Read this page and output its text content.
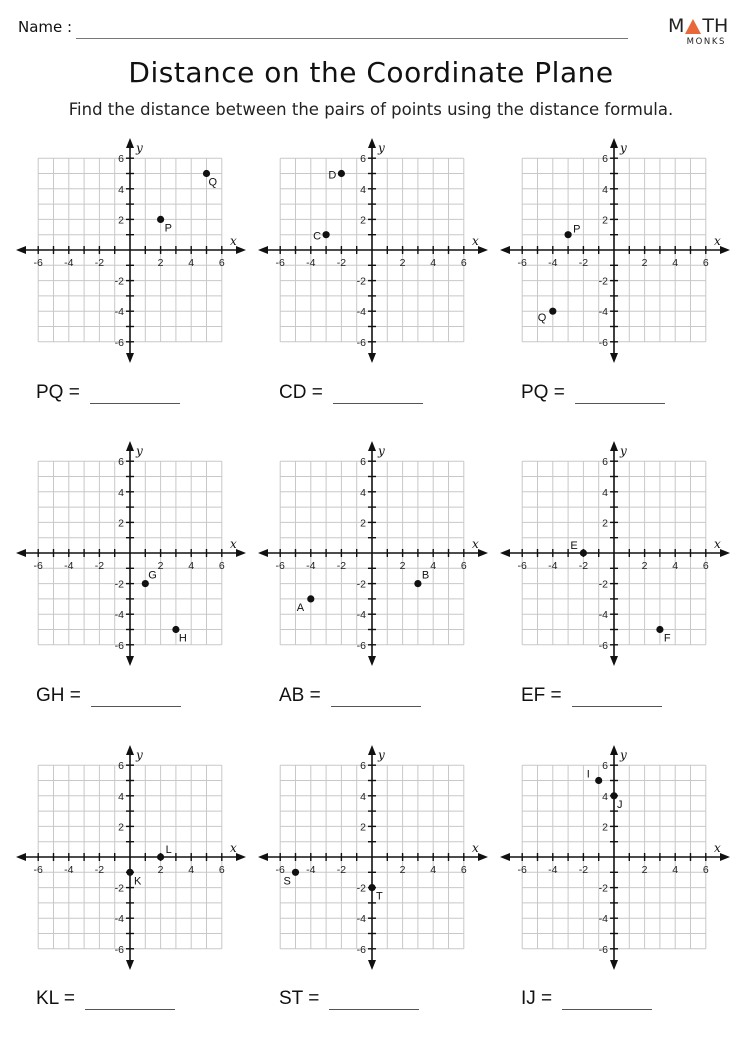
Name :	M TH
MONKS
Distance on the Coordinate Plane
Find the distance between the pairs of points using the distance formula.
-6 -4 -2	2 4 6
6
4
2
-2
-4
-6
x
y
P
Q
-6 -4 -2	2 4 6
6
4
2
-2
-4
-6
x
y
C
D
-6 -4 -2	2 4 6
6
4
2
-2
-4
-6
x
y
P
Q
-6 -4 -2	2 4 6
6
4
2
-2
-4
-6
x
y
G
H
-6 -4 -2	2 4 6
6
4
2
-2
-4
-6
x
y
A
B
-6 -4 -2	2 4 6
6
4
2
-2
-4
-6
x
y
E
F
-6 -4 -2	2 4 6
6
4
2
-2
-4
-6
x
y
K
L
-6 -4 -2	2 4 6
6
4
2
-2
-4
-6
x
y
S
T
-6 -4 -2	2 4 6
6
4
2
-2
-4
-6
x
y
I
J
PQ =	CD =	PQ =
GH =	AB =	EF =
KL =	ST =	IJ =
